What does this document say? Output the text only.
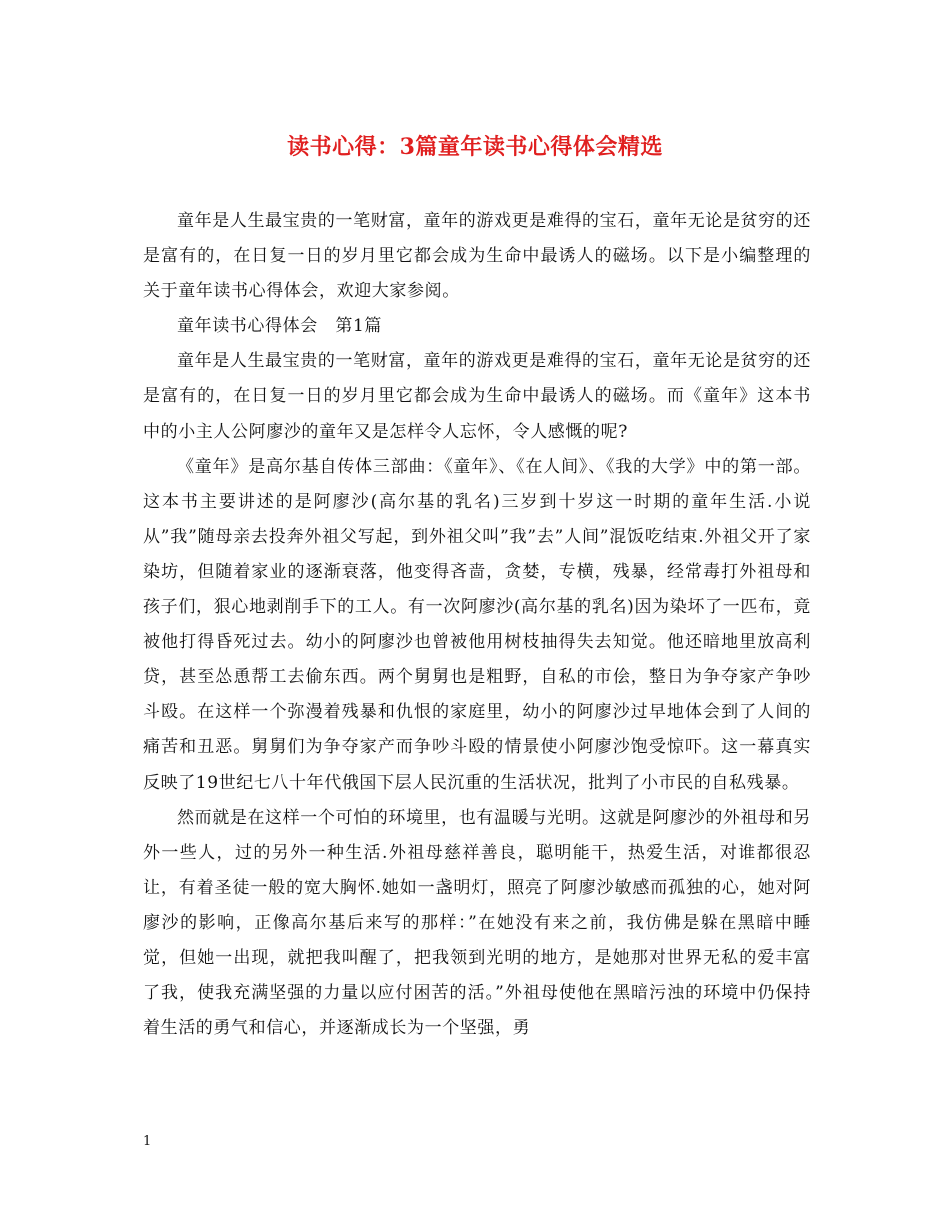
读书心得：3篇童年读书心得体会精选

童年是人生最宝贵的一笔财富，童年的游戏更是难得的宝石，童年无论是贫穷的还是富有的，在日复一日的岁月里它都会成为生命中最诱人的磁场。以下是小编整理的关于童年读书心得体会，欢迎大家参阅。

童年读书心得体会　第1篇

童年是人生最宝贵的一笔财富，童年的游戏更是难得的宝石，童年无论是贫穷的还是富有的，在日复一日的岁月里它都会成为生命中最诱人的磁场。而《童年》这本书中的小主人公阿廖沙的童年又是怎样令人忘怀，令人感慨的呢?

《童年》是高尔基自传体三部曲：《童年》、《在人间》、《我的大学》中的第一部。这本书主要讲述的是阿廖沙(高尔基的乳名)三岁到十岁这一时期的童年生活.小说从”我”随母亲去投奔外祖父写起，到外祖父叫”我”去”人间”混饭吃结束.外祖父开了家染坊，但随着家业的逐渐衰落，他变得吝啬，贪婪，专横，残暴，经常毒打外祖母和孩子们，狠心地剥削手下的工人。有一次阿廖沙(高尔基的乳名)因为染坏了一匹布，竟被他打得昏死过去。幼小的阿廖沙也曾被他用树枝抽得失去知觉。他还暗地里放高利贷，甚至怂恿帮工去偷东西。两个舅舅也是粗野，自私的市侩，整日为争夺家产争吵斗殴。在这样一个弥漫着残暴和仇恨的家庭里，幼小的阿廖沙过早地体会到了人间的痛苦和丑恶。舅舅们为争夺家产而争吵斗殴的情景使小阿廖沙饱受惊吓。这一幕真实反映了19世纪七八十年代俄国下层人民沉重的生活状况，批判了小市民的自私残暴。

然而就是在这样一个可怕的环境里，也有温暖与光明。这就是阿廖沙的外祖母和另外一些人，过的另外一种生活.外祖母慈祥善良，聪明能干，热爱生活，对谁都很忍让，有着圣徒一般的宽大胸怀.她如一盏明灯，照亮了阿廖沙敏感而孤独的心，她对阿廖沙的影响，正像高尔基后来写的那样：”在她没有来之前，我仿佛是躲在黑暗中睡觉，但她一出现，就把我叫醒了，把我领到光明的地方，是她那对世界无私的爱丰富了我，使我充满坚强的力量以应付困苦的活。”外祖母使他在黑暗污浊的环境中仍保持着生活的勇气和信心，并逐渐成长为一个坚强，勇

1
